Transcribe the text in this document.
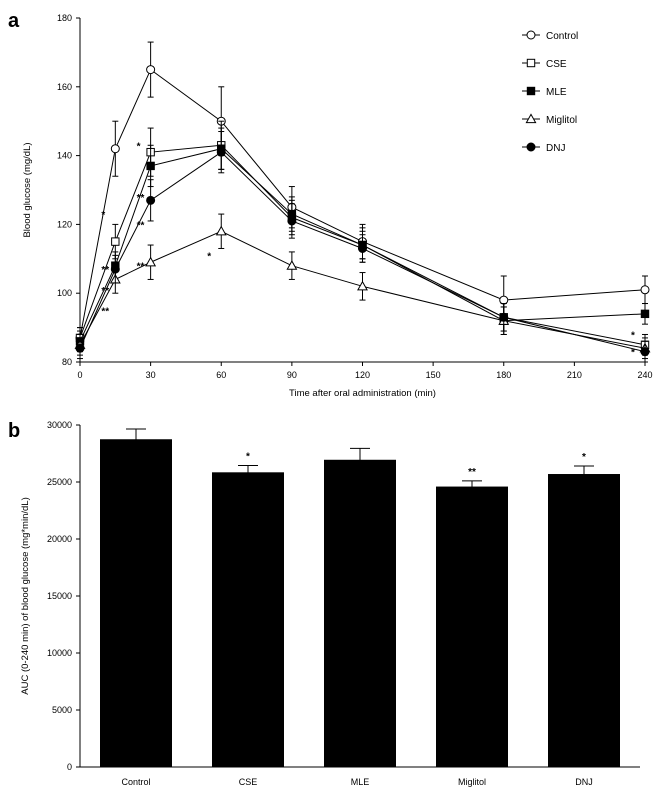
a
b
80
100
120
140
160
180
0	30	60	90	120	150	180	210	240
Time after oral administration (min)
Blood glucose (mg/dL)	*
**
**
**
*
**
**
**
*
*
*
Control
CSE
MLE
Miglitol
DNJ
0
5000
10000
15000
20000
25000
30000
AUC (0-240 min) of blood glucose (mg*min/dL)
Control	CSE
*
MLE	Miglitol
**
DNJ
*
